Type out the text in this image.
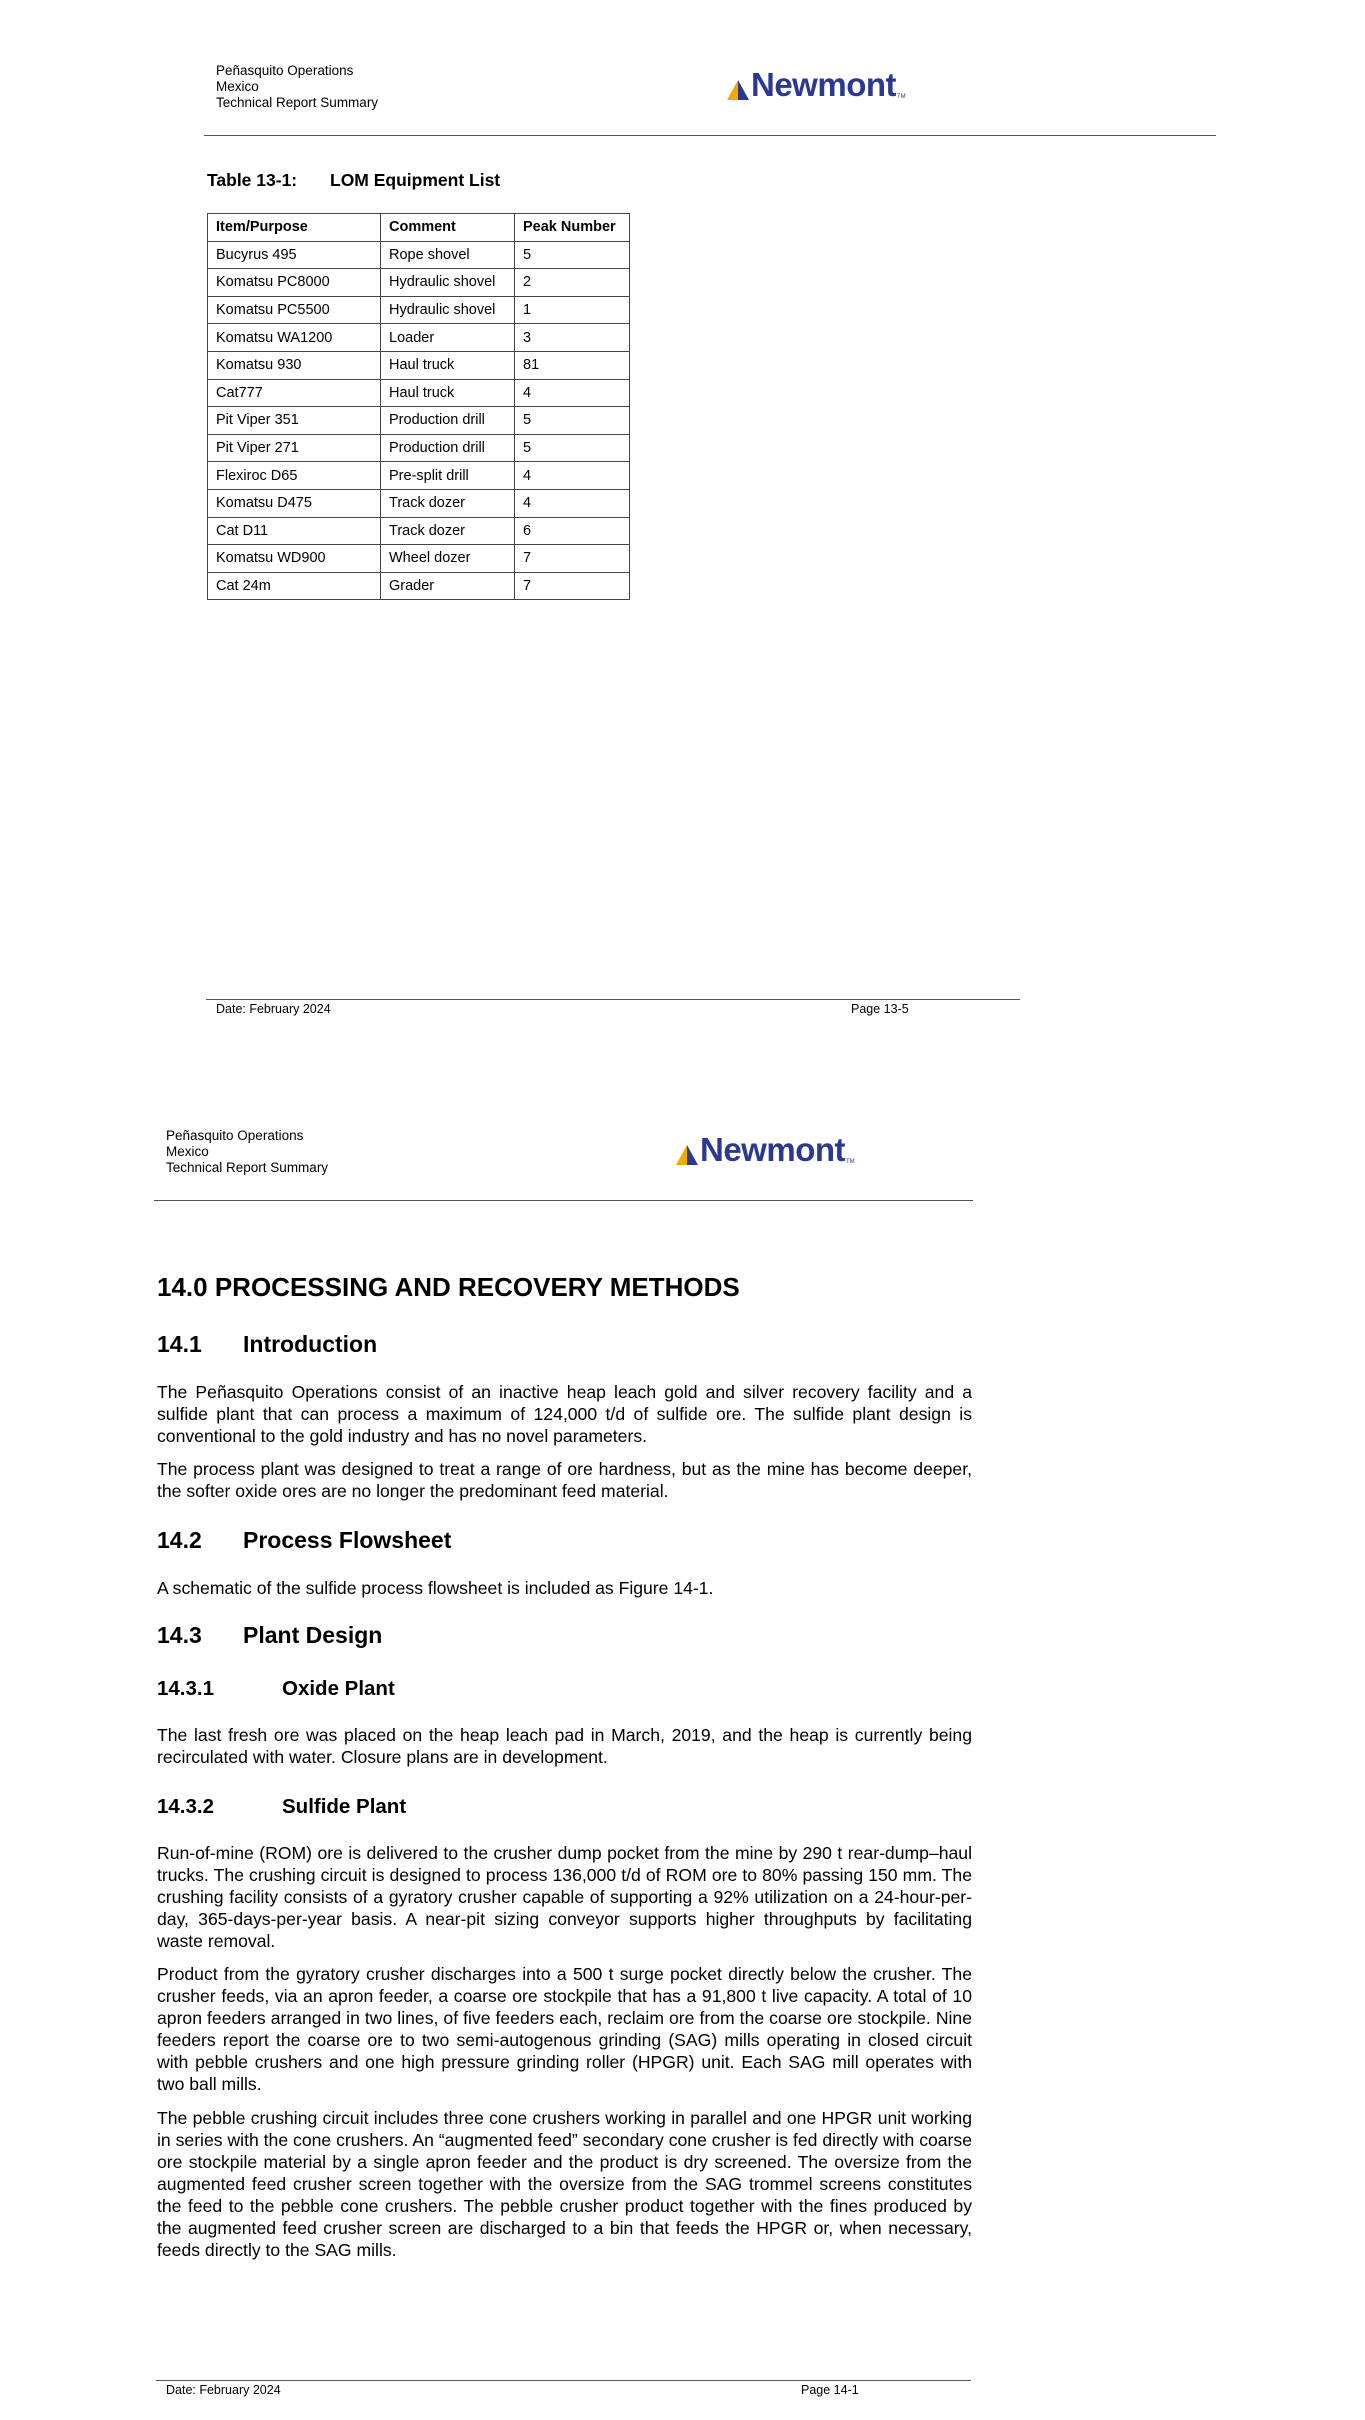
Peñasquito Operations
Mexico
Technical Report Summary	Newmont TM
Table 13-1: LOM Equipment List
Item/Purpose	Comment	Peak Number
Bucyrus 495	Rope shovel	5
Komatsu PC8000	Hydraulic shovel	2
Komatsu PC5500	Hydraulic shovel	1
Komatsu WA1200	Loader	3
Komatsu 930	Haul truck	81
Cat777	Haul truck	4
Pit Viper 351	Production drill	5
Pit Viper 271	Production drill	5
Flexiroc D65	Pre-split drill	4
Komatsu D475	Track dozer	4
Cat D11	Track dozer	6
Komatsu WD900	Wheel dozer	7
Cat 24m	Grader	7
Date: February 2024	Page 13-5
Peñasquito Operations
Mexico
Technical Report Summary	Newmont TM
14.0 PROCESSING AND RECOVERY METHODS
14.1 Introduction
The Peñasquito Operations consist of an inactive heap leach gold and silver recovery facility and a sulfide plant that can process a maximum of 124,000 t/d of sulfide ore. The sulfide plant design is conventional to the gold industry and has no novel parameters.
The process plant was designed to treat a range of ore hardness, but as the mine has become deeper, the softer oxide ores are no longer the predominant feed material.
14.2 Process Flowsheet
A schematic of the sulfide process flowsheet is included as Figure 14-1.
14.3 Plant Design
14.3.1	Oxide Plant
The last fresh ore was placed on the heap leach pad in March, 2019, and the heap is currently being recirculated with water. Closure plans are in development.
14.3.2	Sulfide Plant
Run-of-mine (ROM) ore is delivered to the crusher dump pocket from the mine by 290 t rear-dump–haul trucks. The crushing circuit is designed to process 136,000 t/d of ROM ore to 80% passing 150 mm. The crushing facility consists of a gyratory crusher capable of supporting a 92% utilization on a 24-hour-per-day, 365-days-per-year basis. A near-pit sizing conveyor supports higher throughputs by facilitating waste removal.
Product from the gyratory crusher discharges into a 500 t surge pocket directly below the crusher. The crusher feeds, via an apron feeder, a coarse ore stockpile that has a 91,800 t live capacity. A total of 10 apron feeders arranged in two lines, of five feeders each, reclaim ore from the coarse ore stockpile. Nine feeders report the coarse ore to two semi-autogenous grinding (SAG) mills operating in closed circuit with pebble crushers and one high pressure grinding roller (HPGR) unit. Each SAG mill operates with two ball mills.
The pebble crushing circuit includes three cone crushers working in parallel and one HPGR unit working in series with the cone crushers. An “augmented feed” secondary cone crusher is fed directly with coarse ore stockpile material by a single apron feeder and the product is dry screened. The oversize from the augmented feed crusher screen together with the oversize from the SAG trommel screens constitutes the feed to the pebble cone crushers. The pebble crusher product together with the fines produced by the augmented feed crusher screen are discharged to a bin that feeds the HPGR or, when necessary, feeds directly to the SAG mills.
Date: February 2024	Page 14-1
